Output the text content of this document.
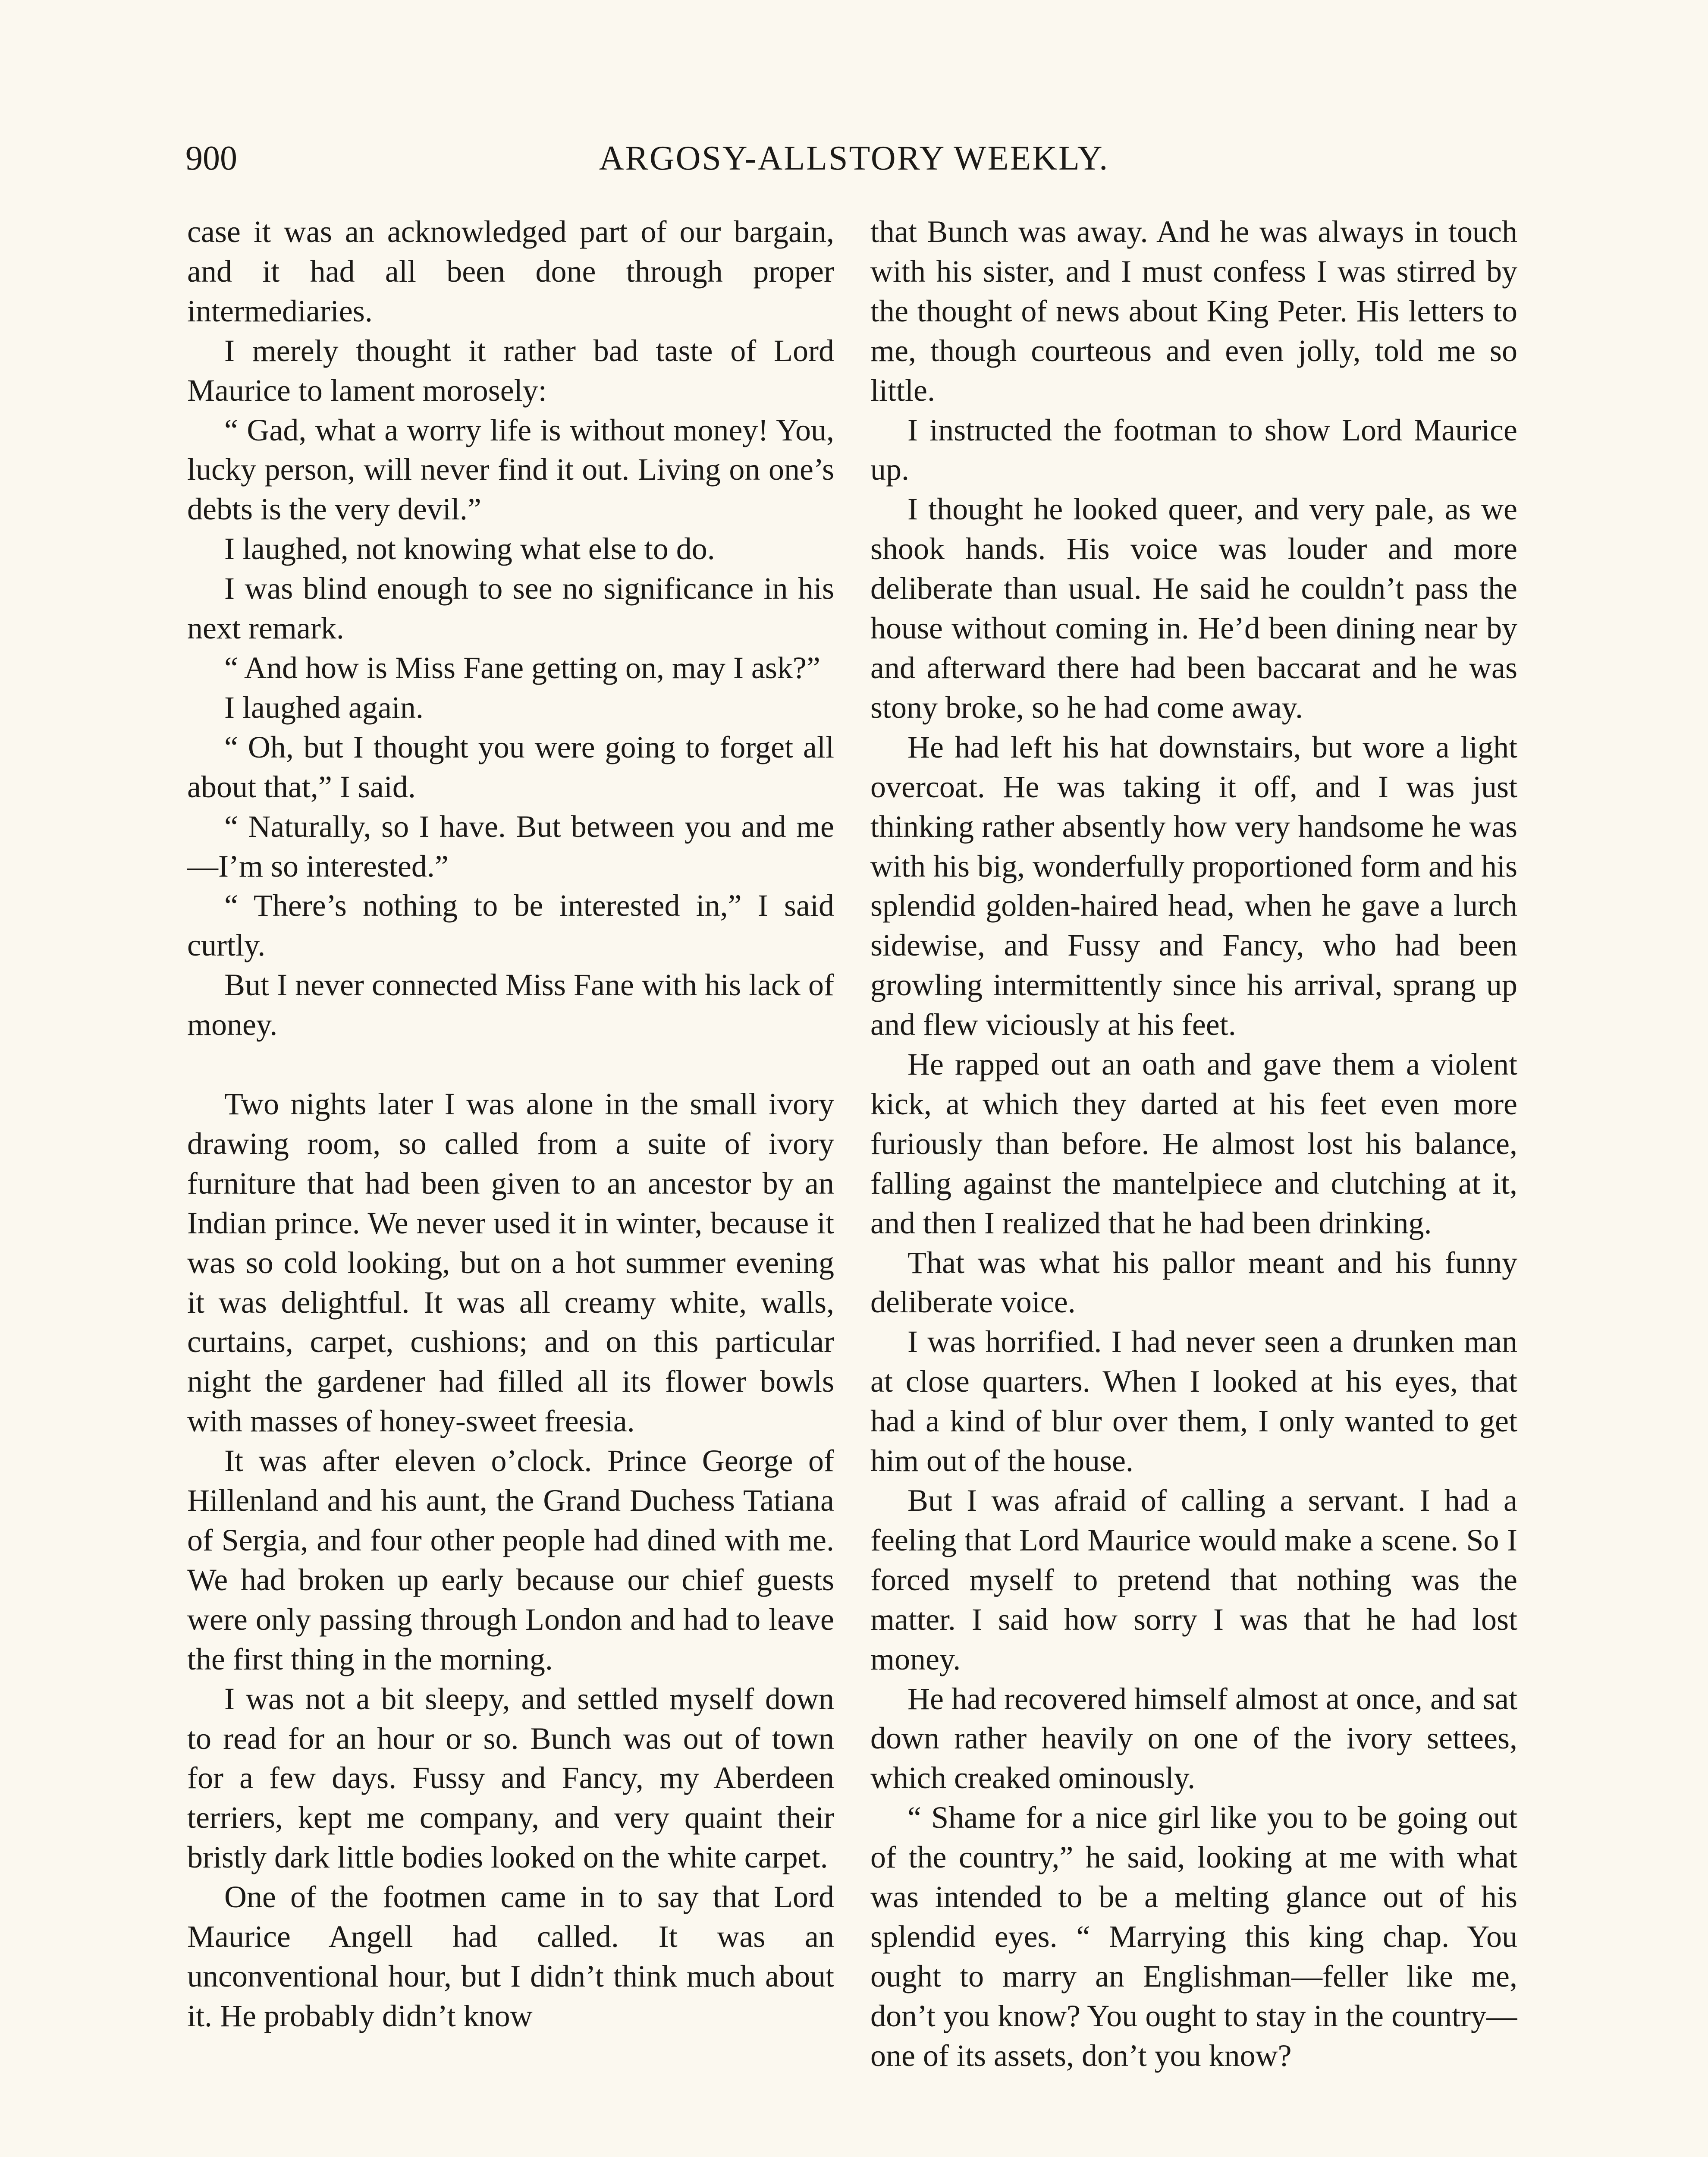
900	ARGOSY-ALLSTORY WEEKLY.

case it was an acknowledged part of our bargain, and it had all been done through proper intermediaries.

I merely thought it rather bad taste of Lord Maurice to lament morosely:

“ Gad, what a worry life is without money! You, lucky person, will never find it out. Living on one’s debts is the very devil.”

I laughed, not knowing what else to do.

I was blind enough to see no significance in his next remark.

“ And how is Miss Fane getting on, may I ask?”

I laughed again.

“ Oh, but I thought you were going to forget all about that,” I said.

“ Naturally, so I have. But between you and me—I’m so interested.”

“ There’s nothing to be interested in,” I said curtly.

But I never connected Miss Fane with his lack of money.

Two nights later I was alone in the small ivory drawing room, so called from a suite of ivory furniture that had been given to an ancestor by an Indian prince. We never used it in winter, because it was so cold looking, but on a hot summer evening it was delightful. It was all creamy white, walls, curtains, carpet, cushions; and on this particular night the gardener had filled all its flower bowls with masses of honey-sweet freesia.

It was after eleven o’clock. Prince George of Hillenland and his aunt, the Grand Duchess Tatiana of Sergia, and four other people had dined with me. We had broken up early because our chief guests were only passing through London and had to leave the first thing in the morning.

I was not a bit sleepy, and settled myself down to read for an hour or so. Bunch was out of town for a few days. Fussy and Fancy, my Aberdeen terriers, kept me company, and very quaint their bristly dark little bodies looked on the white carpet.

One of the footmen came in to say that Lord Maurice Angell had called. It was an unconventional hour, but I didn’t think much about it. He probably didn’t know

that Bunch was away. And he was always in touch with his sister, and I must confess I was stirred by the thought of news about King Peter. His letters to me, though courteous and even jolly, told me so little.

I instructed the footman to show Lord Maurice up.

I thought he looked queer, and very pale, as we shook hands. His voice was louder and more deliberate than usual. He said he couldn’t pass the house without coming in. He’d been dining near by and afterward there had been baccarat and he was stony broke, so he had come away.

He had left his hat downstairs, but wore a light overcoat. He was taking it off, and I was just thinking rather absently how very handsome he was with his big, wonderfully proportioned form and his splendid golden-haired head, when he gave a lurch sidewise, and Fussy and Fancy, who had been growling intermittently since his arrival, sprang up and flew viciously at his feet.

He rapped out an oath and gave them a violent kick, at which they darted at his feet even more furiously than before. He almost lost his balance, falling against the mantelpiece and clutching at it, and then I realized that he had been drinking.

That was what his pallor meant and his funny deliberate voice.

I was horrified. I had never seen a drunken man at close quarters. When I looked at his eyes, that had a kind of blur over them, I only wanted to get him out of the house.

But I was afraid of calling a servant. I had a feeling that Lord Maurice would make a scene. So I forced myself to pretend that nothing was the matter. I said how sorry I was that he had lost money.

He had recovered himself almost at once, and sat down rather heavily on one of the ivory settees, which creaked ominously.

“ Shame for a nice girl like you to be going out of the country,” he said, looking at me with what was intended to be a melting glance out of his splendid eyes. “ Marrying this king chap. You ought to marry an Englishman—feller like me, don’t you know? You ought to stay in the country—one of its assets, don’t you know?
